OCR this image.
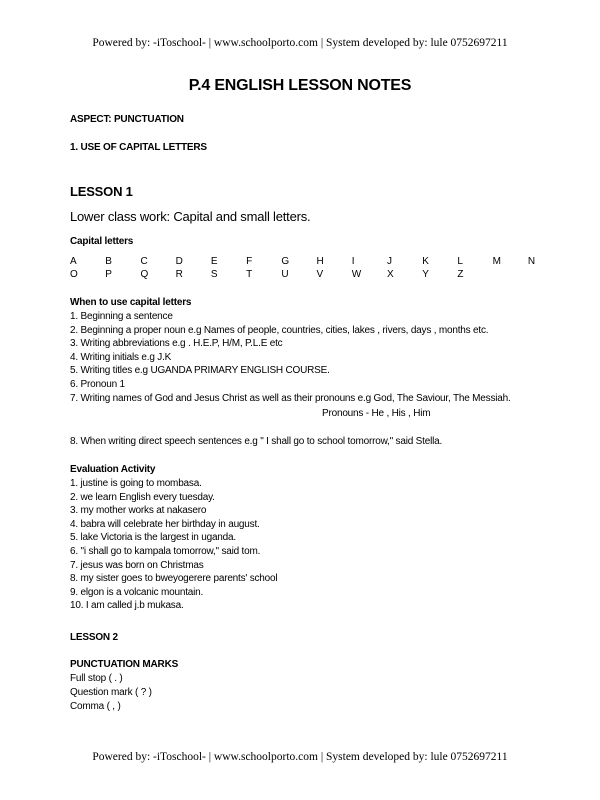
Powered by: -iToschool- | www.schoolporto.com | System developed by: lule 0752697211
P.4 ENGLISH LESSON NOTES
ASPECT: PUNCTUATION
1. USE OF CAPITAL LETTERS
LESSON 1
Lower class work: Capital and small letters.
Capital letters
A	B	C	D	E	F	G	H	I	J	K	L	M	N
O	P	Q	R	S	T	U	V	W	X	Y	Z
When to use capital letters
1. Beginning a sentence
2. Beginning a proper noun e.g Names of people, countries, cities, lakes , rivers, days , months etc.
3. Writing abbreviations e.g . H.E.P, H/M, P.L.E etc
4. Writing initials e.g J.K
5. Writing titles e.g UGANDA PRIMARY ENGLISH COURSE.
6. Pronoun 1
7. Writing names of God and Jesus Christ as well as their pronouns e.g God, The Saviour, The Messiah.
Pronouns - He , His , Him
8. When writing direct speech sentences e.g " I shall go to school tomorrow," said Stella.
Evaluation Activity
1. justine is going to mombasa.
2. we learn English every tuesday.
3. my mother works at nakasero
4. babra will celebrate her birthday in august.
5. lake Victoria is the largest in uganda.
6. "i shall go to kampala tomorrow," said tom.
7. jesus was born on Christmas
8. my sister goes to bweyogerere parents' school
9. elgon is a volcanic mountain.
10. I am called j.b mukasa.
LESSON 2
PUNCTUATION MARKS
Full stop ( . )
Question mark ( ? )
Comma ( , )
Powered by: -iToschool- | www.schoolporto.com | System developed by: lule 0752697211
